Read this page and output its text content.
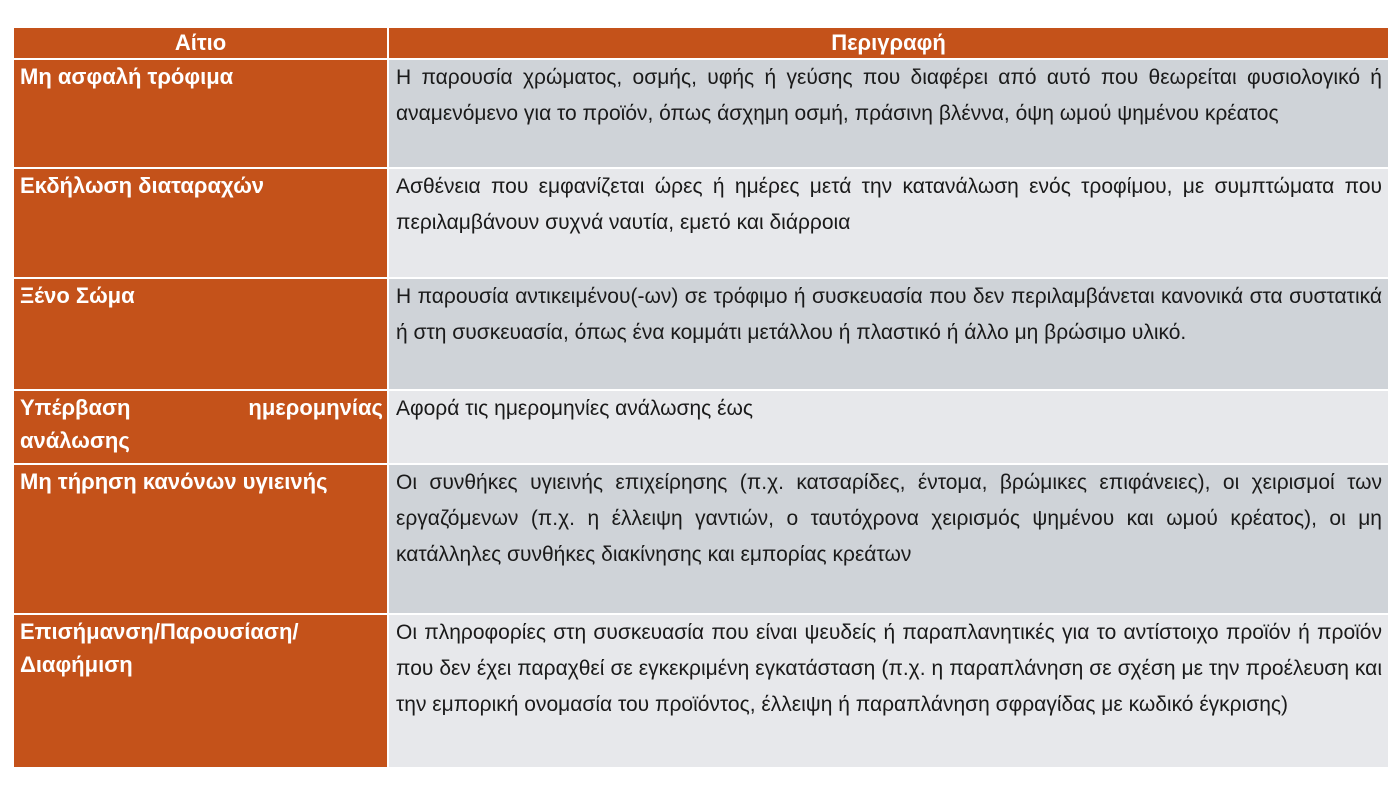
Αίτιο	Περιγραφή
Μη ασφαλή τρόφιμα	Η παρουσία χρώματος, οσμής, υφής ή γεύσης που διαφέρει από αυτό που θεωρείται φυσιολογικό ή αναμενόμενο για το προϊόν, όπως άσχημη οσμή, πράσινη βλέννα, όψη ωμού ψημένου κρέατος
Εκδήλωση διαταραχών	Ασθένεια που εμφανίζεται ώρες ή ημέρες μετά την κατανάλωση ενός τροφίμου, με συμπτώματα που περιλαμβάνουν συχνά ναυτία, εμετό και διάρροια
Ξένο Σώμα	Η παρουσία αντικειμένου(-ων) σε τρόφιμο ή συσκευασία που δεν περιλαμβάνεται κανονικά στα συστατικά ή στη συσκευασία, όπως ένα κομμάτι μετάλλου ή πλαστικό ή άλλο μη βρώσιμο υλικό.
Υπέρβαση ημερομηνίας ανάλωσης	Αφορά τις ημερομηνίες ανάλωσης έως
Μη τήρηση κανόνων υγιεινής	Οι συνθήκες υγιεινής επιχείρησης (π.χ. κατσαρίδες, έντομα, βρώμικες επιφάνειες), οι χειρισμοί των εργαζόμενων (π.χ. η έλλειψη γαντιών, ο ταυτόχρονα χειρισμός ψημένου και ωμού κρέατος), οι μη κατάλληλες συνθήκες διακίνησης και εμπορίας κρεάτων
Επισήμανση/Παρουσίαση/Διαφήμιση	Οι πληροφορίες στη συσκευασία που είναι ψευδείς ή παραπλανητικές για το αντίστοιχο προϊόν ή προϊόν που δεν έχει παραχθεί σε εγκεκριμένη εγκατάσταση (π.χ. η παραπλάνηση σε σχέση με την προέλευση και την εμπορική ονομασία του προϊόντος, έλλειψη ή παραπλάνηση σφραγίδας με κωδικό έγκρισης)
